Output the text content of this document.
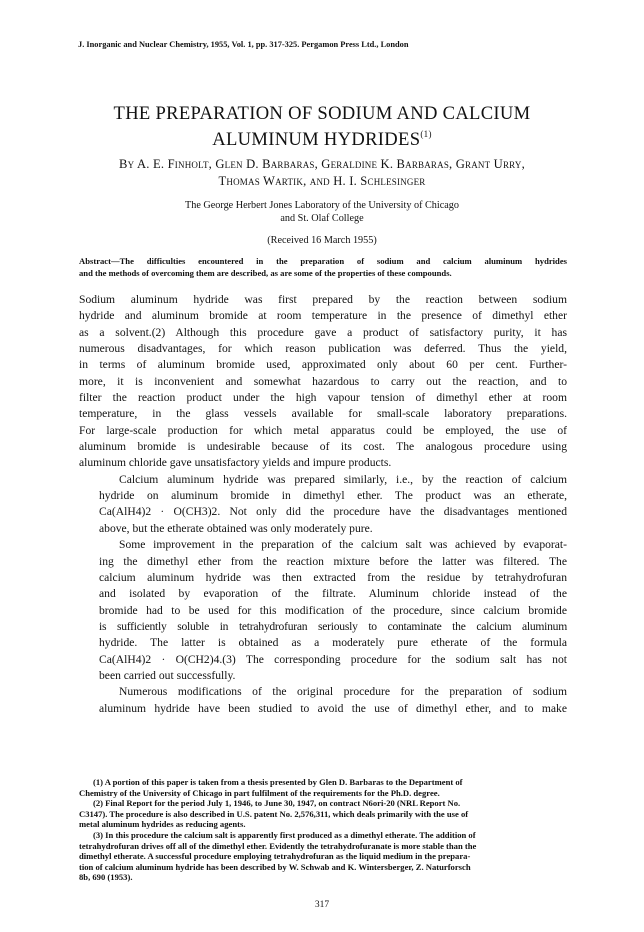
J. Inorganic and Nuclear Chemistry, 1955, Vol. 1, pp. 317-325. Pergamon Press Ltd., London
THE PREPARATION OF SODIUM AND CALCIUM
ALUMINUM HYDRIDES$^{(1)}$
By A. E. Finholt, Glen D. Barbaras, Geraldine K. Barbaras, Grant Urry,
Thomas Wartik, and H. I. Schlesinger
The George Herbert Jones Laboratory of the University of Chicago
and St. Olaf College
(Received 16 March 1955)
Abstract—The difficulties encountered in the preparation of sodium and calcium aluminum hydrides
and the methods of overcoming them are described, as are some of the properties of these compounds.

Sodium aluminum hydride was first prepared by the reaction between sodium
hydride and aluminum bromide at room temperature in the presence of dimethyl ether
as a solvent.(2) Although this procedure gave a product of satisfactory purity, it has
numerous disadvantages, for which reason publication was deferred. Thus the yield,
in terms of aluminum bromide used, approximated only about 60 per cent. Further-
more, it is inconvenient and somewhat hazardous to carry out the reaction, and to
filter the reaction product under the high vapour tension of dimethyl ether at room
temperature, in the glass vessels available for small-scale laboratory preparations.
For large-scale production for which metal apparatus could be employed, the use of
aluminum bromide is undesirable because of its cost. The analogous procedure using
aluminum chloride gave unsatisfactory yields and impure products.

Calcium aluminum hydride was prepared similarly, i.e., by the reaction of calcium
hydride on aluminum bromide in dimethyl ether. The product was an etherate,
Ca(AlH4)2 · O(CH3)2. Not only did the procedure have the disadvantages mentioned
above, but the etherate obtained was only moderately pure.

Some improvement in the preparation of the calcium salt was achieved by evaporat-
ing the dimethyl ether from the reaction mixture before the latter was filtered. The
calcium aluminum hydride was then extracted from the residue by tetrahydrofuran
and isolated by evaporation of the filtrate. Aluminum chloride instead of the
bromide had to be used for this modification of the procedure, since calcium bromide
is sufficiently soluble in tetrahydrofuran seriously to contaminate the calcium aluminum
hydride. The latter is obtained as a moderately pure etherate of the formula
Ca(AlH4)2 · O(CH2)4.(3) The corresponding procedure for the sodium salt has not
been carried out successfully.

Numerous modifications of the original procedure for the preparation of sodium
aluminum hydride have been studied to avoid the use of dimethyl ether, and to make

(1) A portion of this paper is taken from a thesis presented by Glen D. Barbaras to the Department of
Chemistry of the University of Chicago in part fulfilment of the requirements for the Ph.D. degree.
(2) Final Report for the period July 1, 1946, to June 30, 1947, on contract N6ori-20 (NRL Report No.
C3147). The procedure is also described in U.S. patent No. 2,576,311, which deals primarily with the use of
metal aluminum hydrides as reducing agents.
(3) In this procedure the calcium salt is apparently first produced as a dimethyl etherate. The addition of
tetrahydrofuran drives off all of the dimethyl ether. Evidently the tetrahydrofuranate is more stable than the
dimethyl etherate. A successful procedure employing tetrahydrofuran as the liquid medium in the prepara-
tion of calcium aluminum hydride has been described by W. Schwab and K. Wintersberger, Z. Naturforsch
8b, 690 (1953).
317
